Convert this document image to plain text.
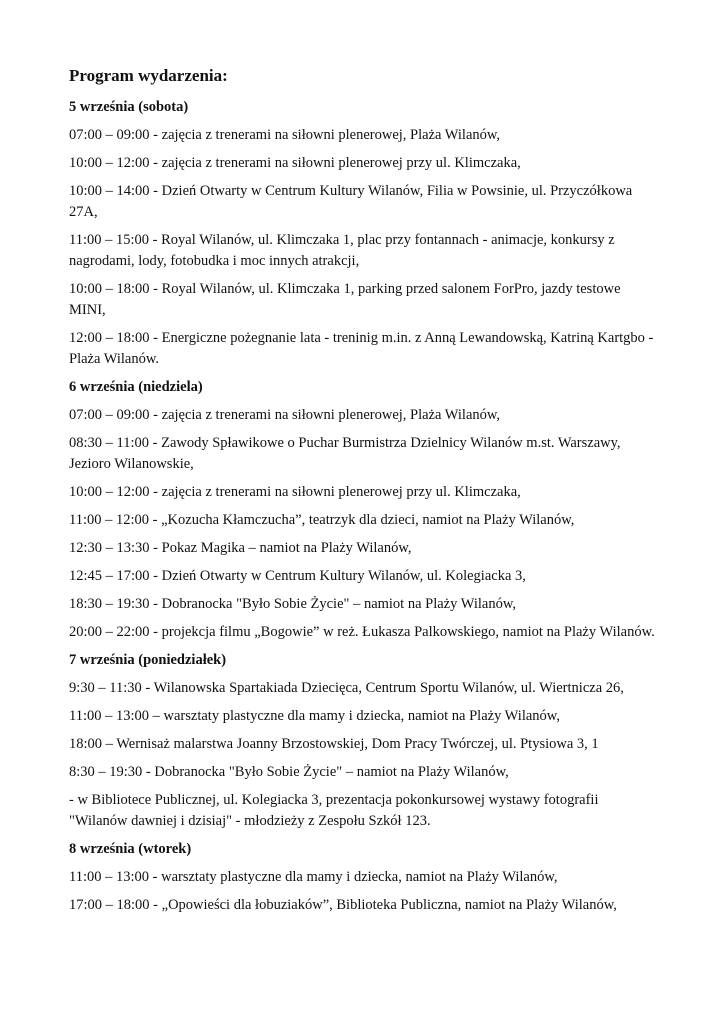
Program wydarzenia:
5 września (sobota)
07:00 – 09:00 - zajęcia z trenerami na siłowni plenerowej, Plaża Wilanów,
10:00 – 12:00 - zajęcia z trenerami na siłowni plenerowej przy ul. Klimczaka,
10:00 – 14:00 - Dzień Otwarty w Centrum Kultury Wilanów, Filia w Powsinie, ul. Przyczółkowa 27A,
11:00 – 15:00 - Royal Wilanów, ul. Klimczaka 1, plac przy fontannach - animacje, konkursy z nagrodami, lody, fotobudka i moc innych atrakcji,
10:00 – 18:00 - Royal Wilanów, ul. Klimczaka 1, parking przed salonem ForPro, jazdy testowe MINI,
12:00 – 18:00 - Energiczne pożegnanie lata - treninig m.in. z Anną Lewandowską, Katriną Kartgbo - Plaża Wilanów.
6 września (niedziela)
07:00 – 09:00 - zajęcia z trenerami na siłowni plenerowej, Plaża Wilanów,
08:30 – 11:00 - Zawody Spławikowe o Puchar Burmistrza Dzielnicy Wilanów m.st. Warszawy, Jezioro Wilanowskie,
10:00 – 12:00 - zajęcia z trenerami na siłowni plenerowej przy ul. Klimczaka,
11:00 – 12:00 - „Kozucha Kłamczucha”, teatrzyk dla dzieci, namiot na Plaży Wilanów,
12:30 – 13:30 - Pokaz Magika – namiot na Plaży Wilanów,
12:45 – 17:00 - Dzień Otwarty w Centrum Kultury Wilanów, ul. Kolegiacka 3,
18:30 – 19:30 - Dobranocka "Było Sobie Życie" – namiot na Plaży Wilanów,
20:00 – 22:00 - projekcja filmu „Bogowie” w reż. Łukasza Palkowskiego, namiot na Plaży Wilanów.
7 września (poniedziałek)
9:30 – 11:30 - Wilanowska Spartakiada Dziecięca, Centrum Sportu Wilanów, ul. Wiertnicza 26,
11:00 – 13:00 – warsztaty plastyczne dla mamy i dziecka, namiot na Plaży Wilanów,
18:00 – Wernisaż malarstwa Joanny Brzostowskiej, Dom Pracy Twórczej, ul. Ptysiowa 3, 1
8:30 – 19:30 - Dobranocka "Było Sobie Życie" – namiot na Plaży Wilanów,
- w Bibliotece Publicznej, ul. Kolegiacka 3, prezentacja pokonkursowej wystawy fotografii "Wilanów dawniej i dzisiaj" - młodzieży z Zespołu Szkół 123.
8 września (wtorek)
11:00 – 13:00 - warsztaty plastyczne dla mamy i dziecka, namiot na Plaży Wilanów,
17:00 – 18:00 - „Opowieści dla łobuziaków”, Biblioteka Publiczna, namiot na Plaży Wilanów,
